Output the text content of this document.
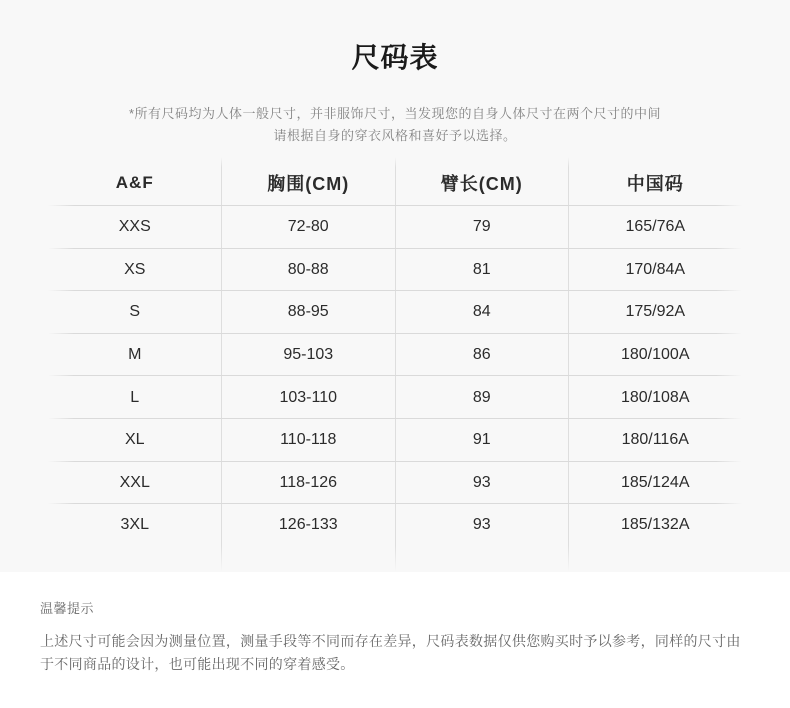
尺码表

*所有尺码均为人体一般尺寸，并非服饰尺寸，当发现您的自身人体尺寸在两个尺寸的中间

请根据自身的穿衣风格和喜好予以选择。

A&F	胸围(CM)	臂长(CM)	中国码
XXS	72-80	79	165/76A
XS	80-88	81	170/84A
S	88-95	84	175/92A
M	95-103	86	180/100A
L	103-110	89	180/108A
XL	110-118	91	180/116A
XXL	118-126	93	185/124A
3XL	126-133	93	185/132A

温馨提示

上述尺寸可能会因为测量位置，测量手段等不同而存在差异，尺码表数据仅供您购买时予以参考，同样的尺寸由于不同商品的设计，也可能出现不同的穿着感受。
